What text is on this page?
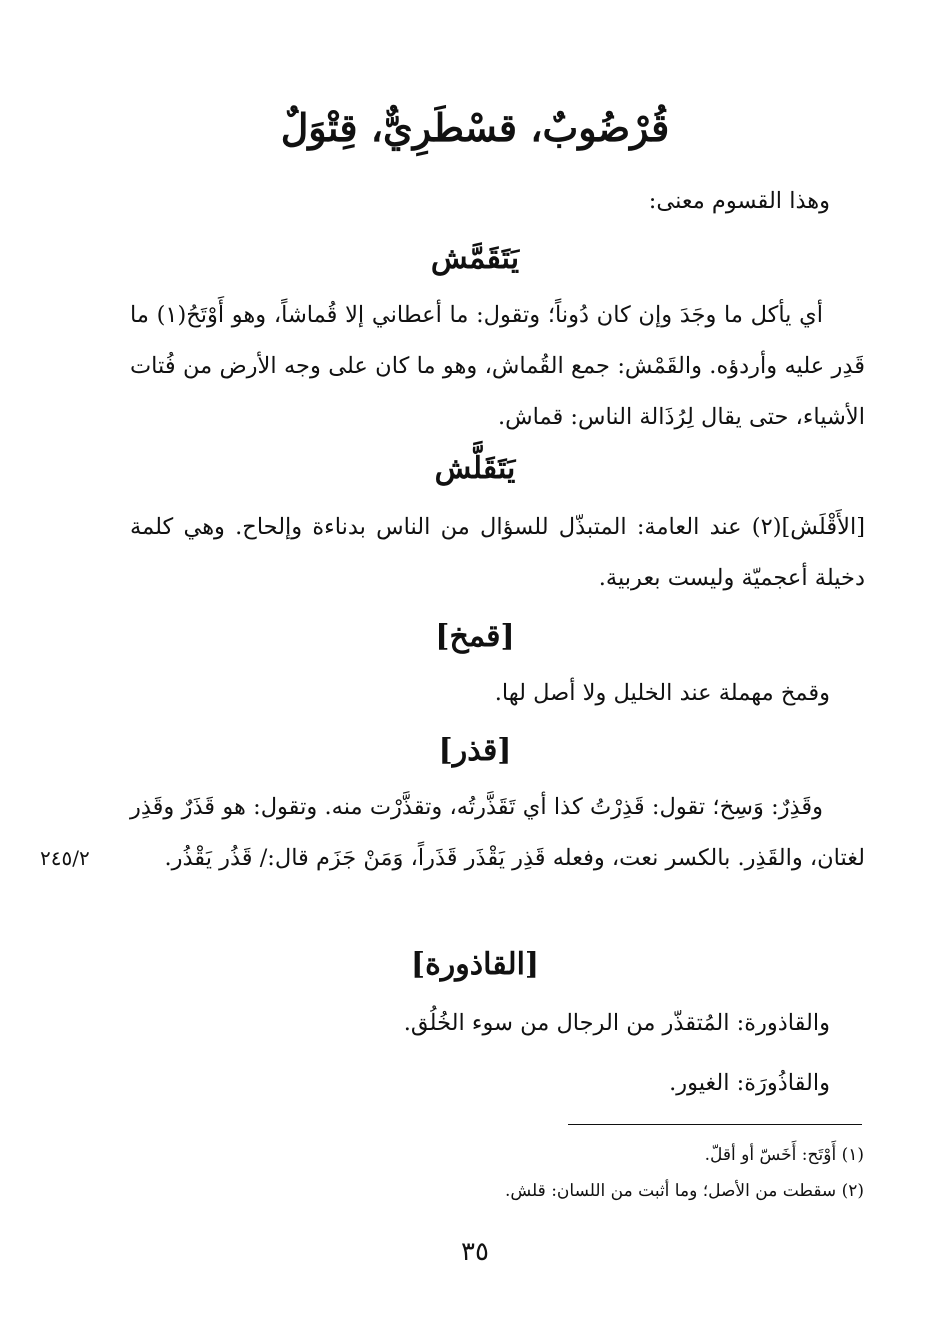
قُرْضُوبٌ، قسْطَرِيٌّ، قِتْوَلٌ
وهذا القسوم معنى:
يَتَقَمَّش
أي يأكل ما وجَدَ وإن كان دُوناً؛ وتقول: ما أعطاني إلا قُماشاً، وهو أَوْتَحُ(١) ما قَدِر عليه وأردؤه. والقَمْش: جمع القُماش، وهو ما كان على وجه الأرض من فُتات الأشياء، حتى يقال لِرُذَالة الناس: قماش.
يَتَقَلَّش
[الأَقْلَش](٢) عند العامة: المتبذّل للسؤال من الناس بدناءة وإلحاح. وهي كلمة دخيلة أعجميّة وليست بعربية.
[قمخ]
وقمخ مهملة عند الخليل ولا أصل لها.
[قذر]
وقَذِرٌ: وَسِخ؛ تقول: قَذِرْتُ كذا أي تَقَذَّرتُه، وتقذَّرْت منه. وتقول: هو قَذَرٌ وقَذِر لغتان، والقَذِر. بالكسر نعت، وفعله قَذِر يَقْذَر قَذَراً، وَمَنْ جَزَم قال:/ قَذُر يَقْذُر.
٢٤٥/٢
[القاذورة]
والقاذورة: المُتقذّر من الرجال من سوء الخُلُق.
والقاذُورَة: الغيور.
(١) أَوْتَح: أَخَسّ أو أقلّ.
(٢) سقطت من الأصل؛ وما أثبت من اللسان: قلش.
٣٥
